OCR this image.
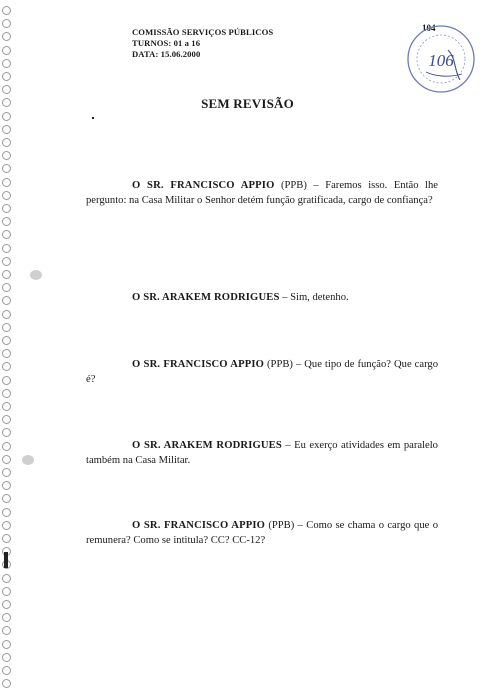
COMISSÃO SERVIÇOS PÚBLICOS
TURNOS: 01 a 16
DATA: 15.06.2000
104
106
SEM REVISÃO

O SR. FRANCISCO APPIO (PPB) – Faremos isso. Então lhe pergunto: na Casa Militar o Senhor detém função gratificada, cargo de confiança?

O SR. ARAKEM RODRIGUES – Sim, detenho.

O SR. FRANCISCO APPIO (PPB) – Que tipo de função? Que cargo é?

O SR. ARAKEM RODRIGUES – Eu exerço atividades em paralelo também na Casa Militar.

O SR. FRANCISCO APPIO (PPB) – Como se chama o cargo que o remunera? Como se intitula? CC? CC-12?
